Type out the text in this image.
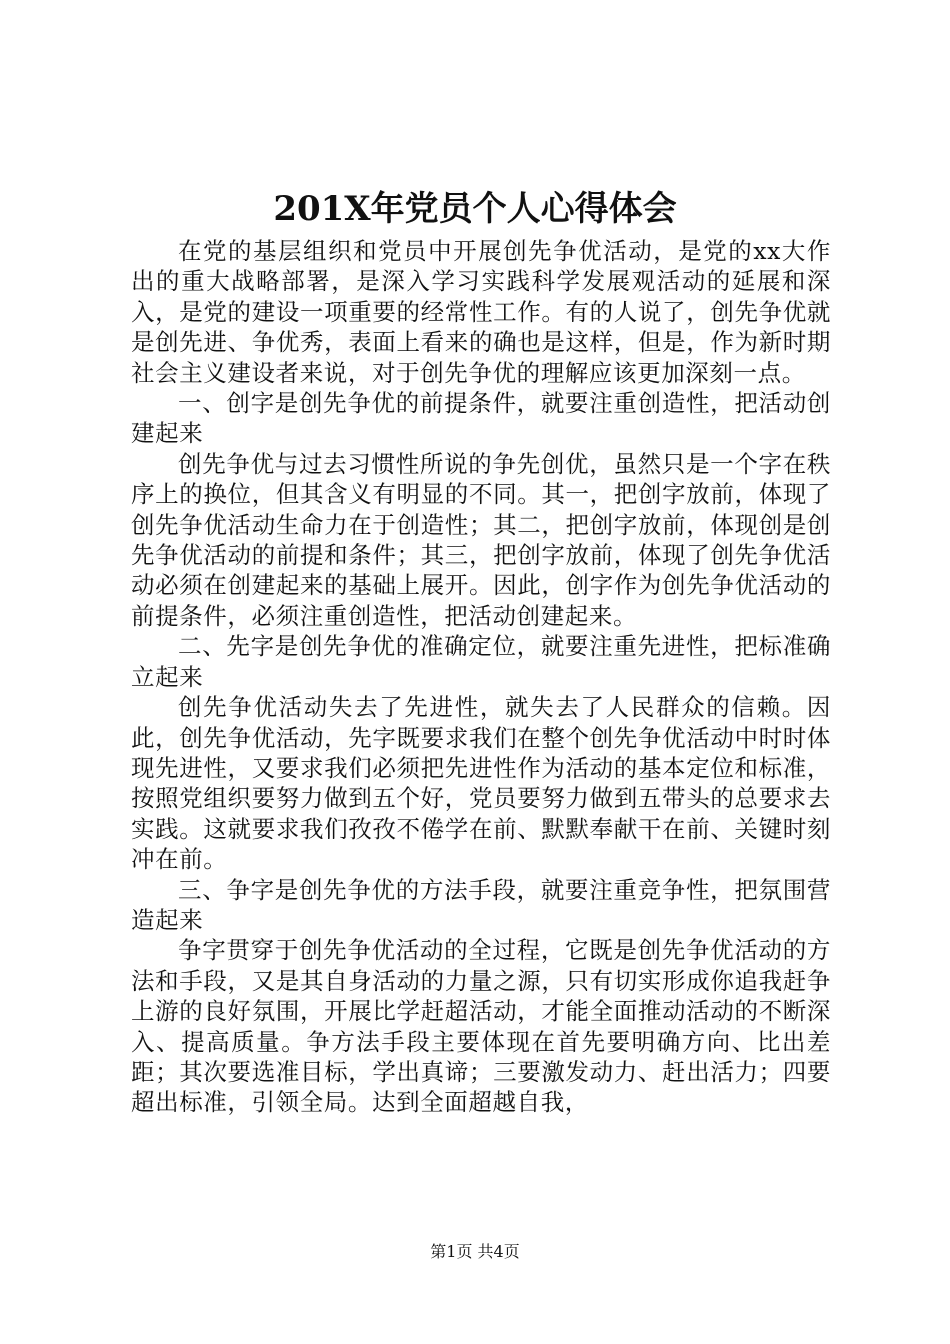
201X年党员个人心得体会

在党的基层组织和党员中开展创先争优活动，是党的xx大作出的重大战略部署，是深入学习实践科学发展观活动的延展和深入，是党的建设一项重要的经常性工作。有的人说了，创先争优就是创先进、争优秀，表面上看来的确也是这样，但是，作为新时期社会主义建设者来说，对于创先争优的理解应该更加深刻一点。

一、创字是创先争优的前提条件，就要注重创造性，把活动创建起来

创先争优与过去习惯性所说的争先创优，虽然只是一个字在秩序上的换位，但其含义有明显的不同。其一，把创字放前，体现了创先争优活动生命力在于创造性；其二，把创字放前，体现创是创先争优活动的前提和条件；其三，把创字放前，体现了创先争优活动必须在创建起来的基础上展开。因此，创字作为创先争优活动的前提条件，必须注重创造性，把活动创建起来。

二、先字是创先争优的准确定位，就要注重先进性，把标准确立起来

创先争优活动失去了先进性，就失去了人民群众的信赖。因此，创先争优活动，先字既要求我们在整个创先争优活动中时时体现先进性，又要求我们必须把先进性作为活动的基本定位和标准，按照党组织要努力做到五个好，党员要努力做到五带头的总要求去实践。这就要求我们孜孜不倦学在前、默默奉献干在前、关键时刻冲在前。

三、争字是创先争优的方法手段，就要注重竞争性，把氛围营造起来

争字贯穿于创先争优活动的全过程，它既是创先争优活动的方法和手段，又是其自身活动的力量之源，只有切实形成你追我赶争上游的良好氛围，开展比学赶超活动，才能全面推动活动的不断深入、提高质量。争方法手段主要体现在首先要明确方向、比出差距；其次要选准目标，学出真谛；三要激发动力、赶出活力；四要超出标准，引领全局。达到全面超越自我，

第1页 共4页
